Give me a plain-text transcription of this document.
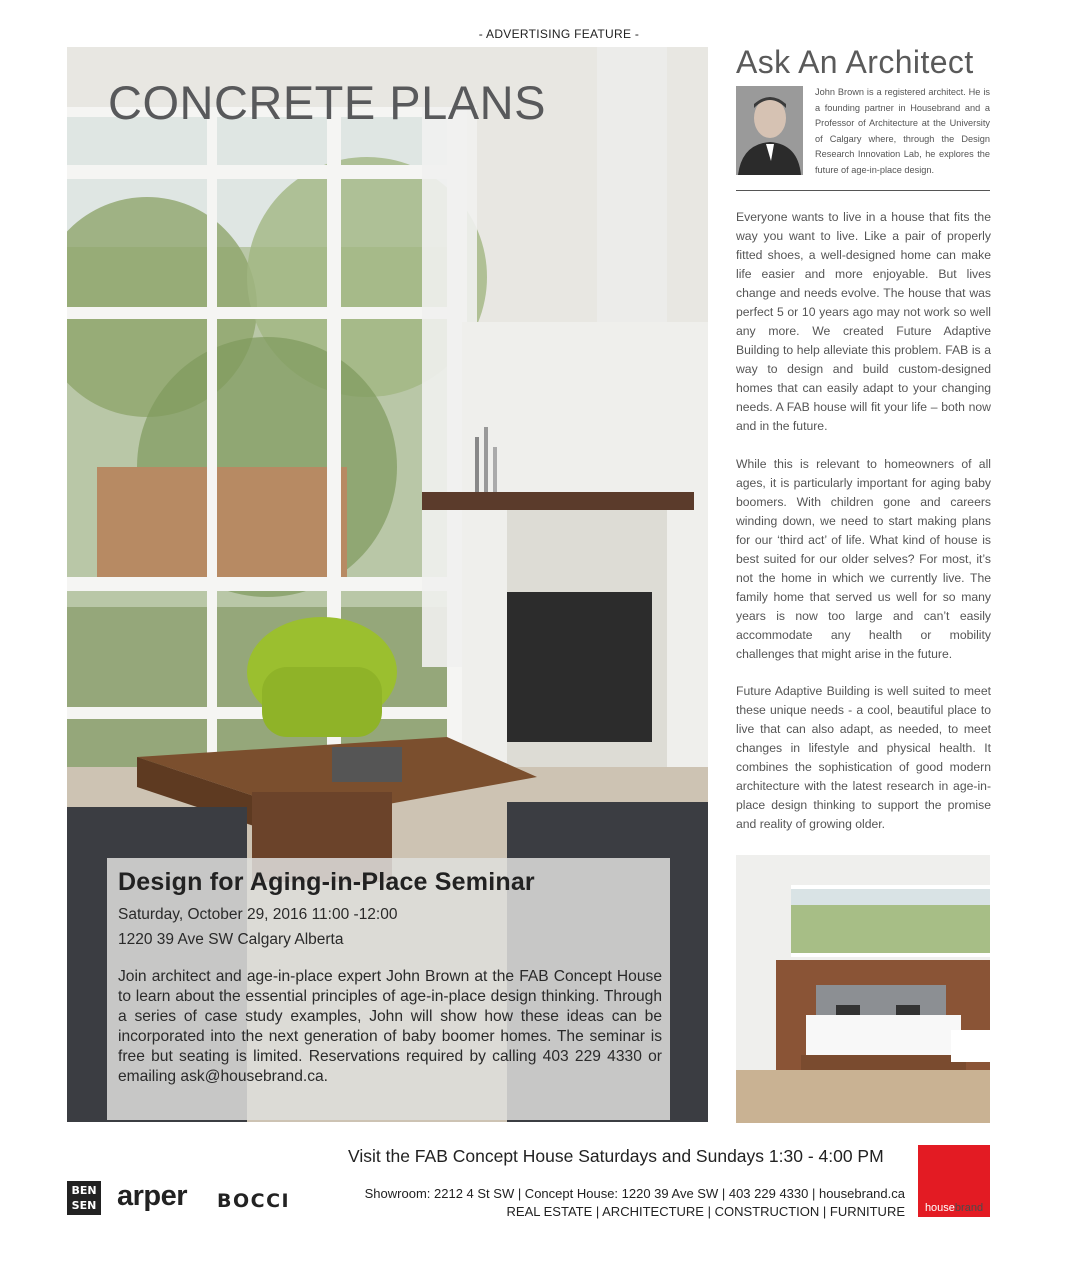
- ADVERTISING FEATURE -
CONCRETE PLANS
Design for Aging-in-Place Seminar
Saturday, October 29, 2016 11:00 -12:00
1220 39 Ave SW Calgary Alberta
Join architect and age-in-place expert John Brown at the FAB Concept House to learn about the essential principles of age-in-place design thinking. Through a series of case study examples, John will show how these ideas can be incorporated into the next generation of baby boomer homes. The seminar is free but seating is limited. Reservations required by calling 403 229 4330 or emailing ask@housebrand.ca.
Ask An Architect
John Brown is a registered architect. He is a founding partner in Housebrand and a Professor of Architecture at the University of Calgary where, through the Design Research Innovation Lab, he explores the future of age-in-place design.
Everyone wants to live in a house that fits the way you want to live. Like a pair of properly fitted shoes, a well-designed home can make life easier and more enjoyable. But lives change and needs evolve. The house that was perfect 5 or 10 years ago may not work so well any more. We created Future Adaptive Building to help alleviate this problem. FAB is a way to design and build custom-designed homes that can easily adapt to your changing needs. A FAB house will fit your life – both now and in the future.
While this is relevant to homeowners of all ages, it is particularly important for aging baby boomers. With children gone and careers winding down, we need to start making plans for our ‘third act’ of life. What kind of house is best suited for our older selves? For most, it’s not the home in which we currently live. The family home that served us well for so many years is now too large and can’t easily accommodate any health or mobility challenges that might arise in the future.
Future Adaptive Building is well suited to meet these unique needs - a cool, beautiful place to live that can also adapt, as needed, to meet changes in lifestyle and physical health. It combines the sophistication of good modern architecture with the latest research in age-in-place design thinking to support the promise and reality of growing older.
Visit the FAB Concept House Saturdays and Sundays 1:30 - 4:00 PM
Showroom: 2212 4 St SW | Concept House: 1220 39 Ave SW | 403 229 4330 | housebrand.ca
REAL ESTATE | ARCHITECTURE | CONSTRUCTION | FURNITURE	housebrand
BEN
SEN arper BOCCI
